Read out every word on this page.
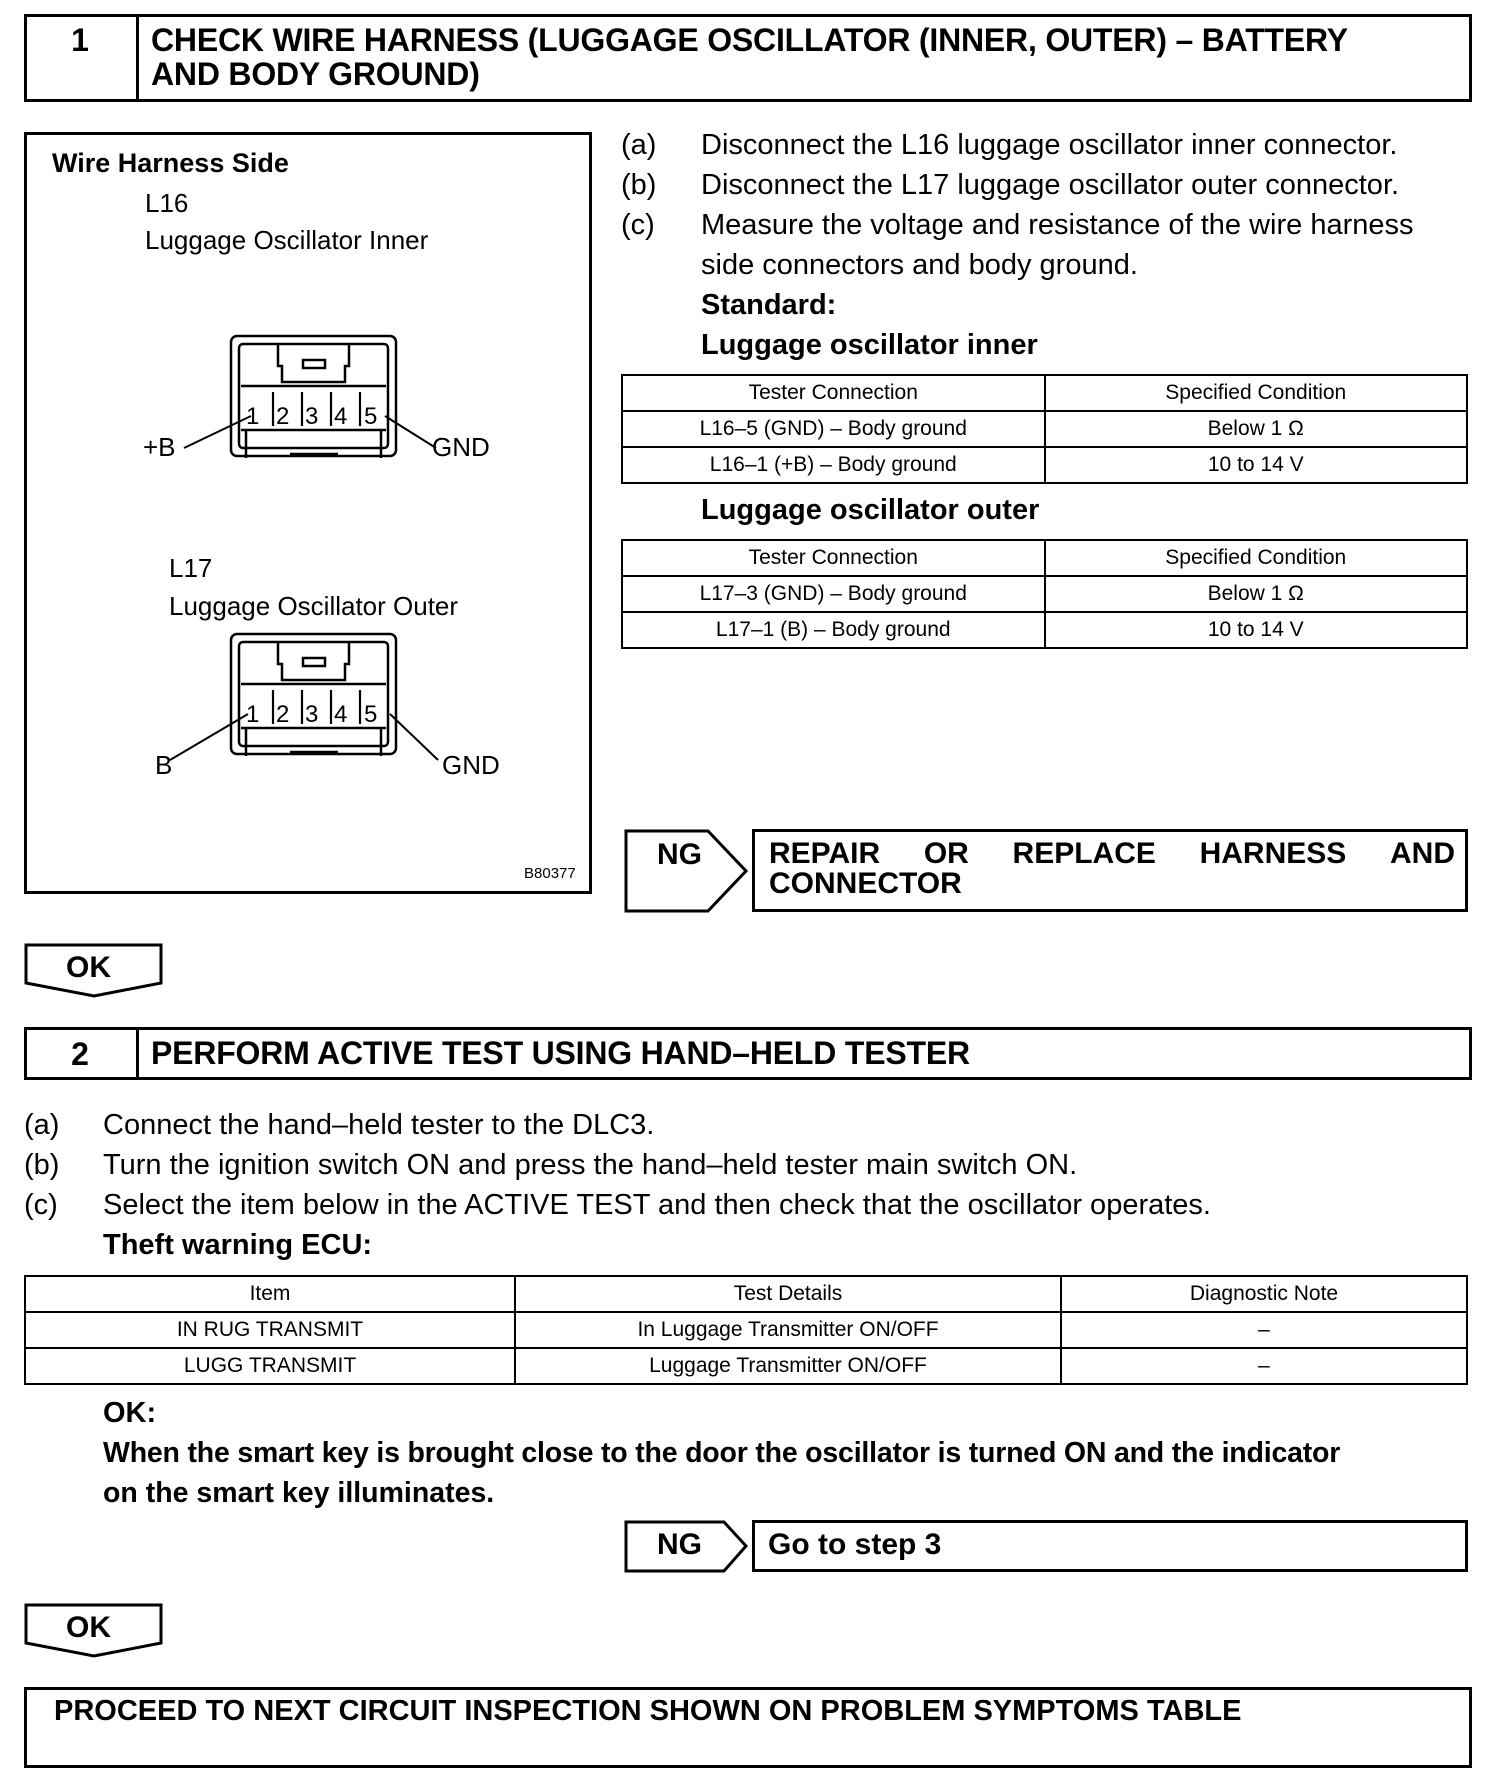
1	CHECK WIRE HARNESS (LUGGAGE OSCILLATOR (INNER, OUTER) – BATTERY
AND BODY GROUND)
Wire Harness Side
L16
Luggage Oscillator Inner
1 2 3 4 5
+B	GND
L17
Luggage Oscillator Outer
1 2 3 4 5
B	GND
B80377
(a) Disconnect the L16 luggage oscillator inner connector.
(b) Disconnect the L17 luggage oscillator outer connector.
(c) Measure the voltage and resistance of the wire harness
side connectors and body ground.
Standard:
Luggage oscillator inner
Tester Connection	Specified Condition
L16–5 (GND) – Body ground	Below 1 Ω
L16–1 (+B) – Body ground	10 to 14 V
Luggage oscillator outer
Tester Connection	Specified Condition
L17–3 (GND) – Body ground	Below 1 Ω
L17–1 (B) – Body ground	10 to 14 V
NG REPAIR OR REPLACE HARNESS AND
CONNECTOR
OK
2	PERFORM ACTIVE TEST USING HAND–HELD TESTER
(a) Connect the hand–held tester to the DLC3.
(b) Turn the ignition switch ON and press the hand–held tester main switch ON.
(c) Select the item below in the ACTIVE TEST and then check that the oscillator operates.
Theft warning ECU:
Item	Test Details	Diagnostic Note
IN RUG TRANSMIT	In Luggage Transmitter ON/OFF	–
LUGG TRANSMIT	Luggage Transmitter ON/OFF	–
OK:
When the smart key is brought close to the door the oscillator is turned ON and the indicator
on the smart key illuminates.
NG Go to step 3
OK
PROCEED TO NEXT CIRCUIT INSPECTION SHOWN ON PROBLEM SYMPTOMS TABLE
